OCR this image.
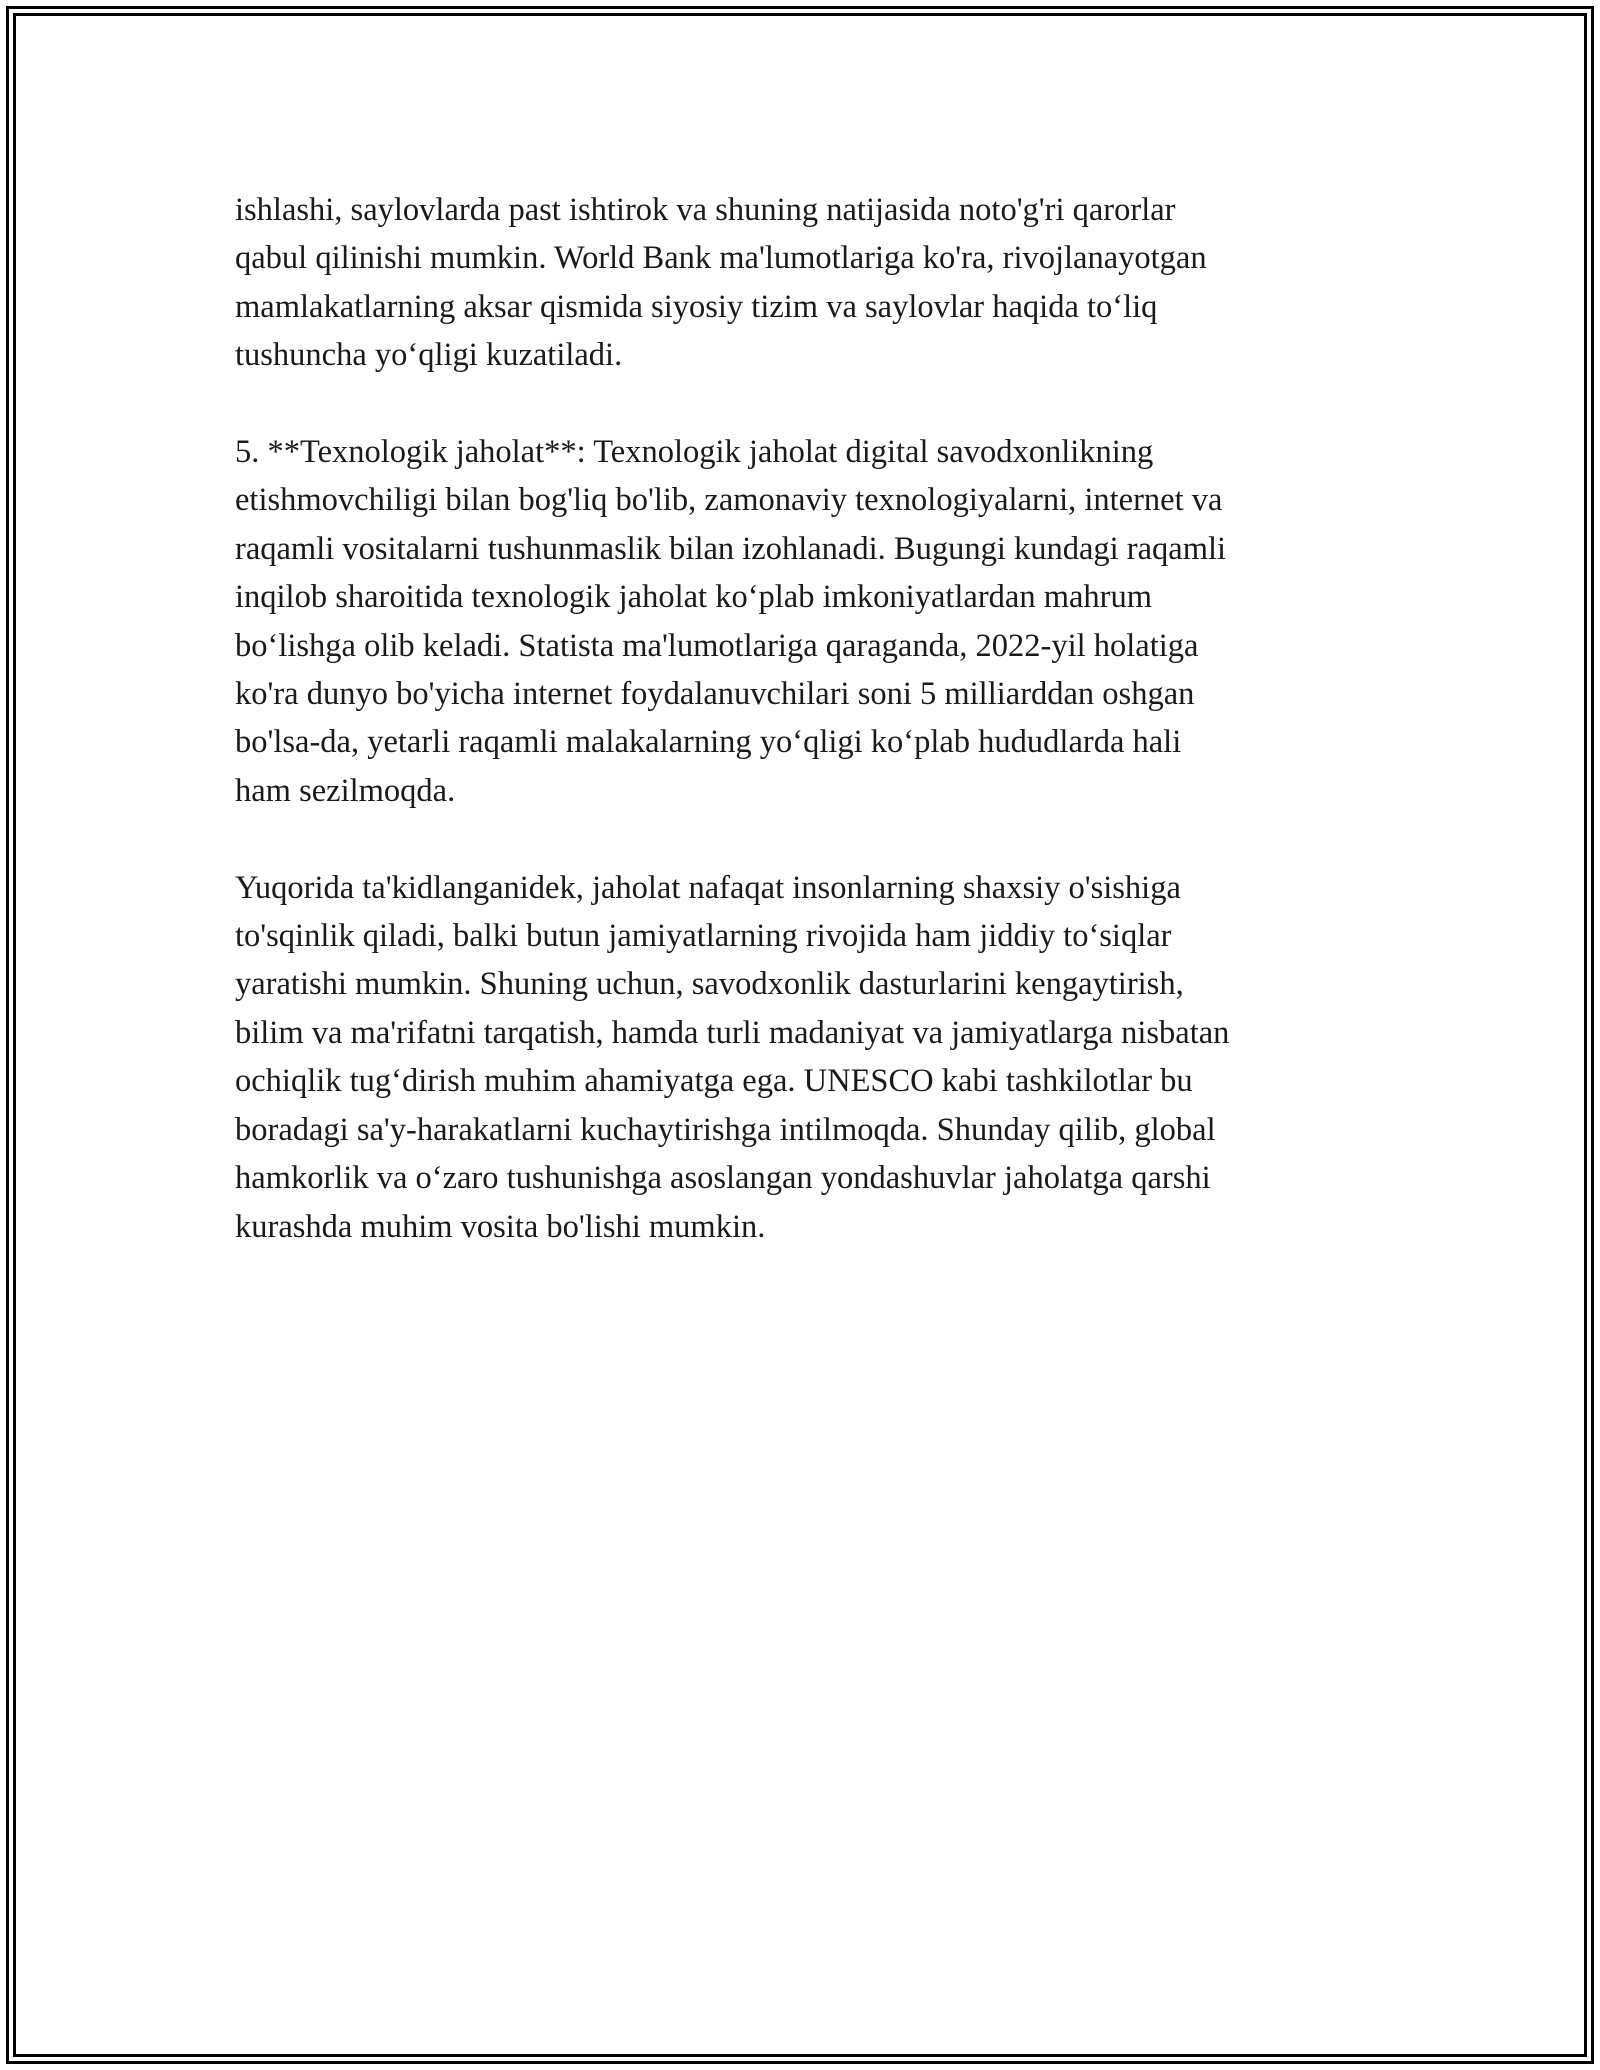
ishlashi, saylovlarda past ishtirok va shuning natijasida noto'g'ri qarorlar
qabul qilinishi mumkin. World Bank ma'lumotlariga ko'ra, rivojlanayotgan
mamlakatlarning aksar qismida siyosiy tizim va saylovlar haqida to‘liq
tushuncha yo‘qligi kuzatiladi.

5. **Texnologik jaholat**: Texnologik jaholat digital savodxonlikning
etishmovchiligi bilan bog'liq bo'lib, zamonaviy texnologiyalarni, internet va
raqamli vositalarni tushunmaslik bilan izohlanadi. Bugungi kundagi raqamli
inqilob sharoitida texnologik jaholat ko‘plab imkoniyatlardan mahrum
bo‘lishga olib keladi. Statista ma'lumotlariga qaraganda, 2022-yil holatiga
ko'ra dunyo bo'yicha internet foydalanuvchilari soni 5 milliarddan oshgan
bo'lsa-da, yetarli raqamli malakalarning yo‘qligi ko‘plab hududlarda hali
ham sezilmoqda.

Yuqorida ta'kidlanganidek, jaholat nafaqat insonlarning shaxsiy o'sishiga
to'sqinlik qiladi, balki butun jamiyatlarning rivojida ham jiddiy to‘siqlar
yaratishi mumkin. Shuning uchun, savodxonlik dasturlarini kengaytirish,
bilim va ma'rifatni tarqatish, hamda turli madaniyat va jamiyatlarga nisbatan
ochiqlik tug‘dirish muhim ahamiyatga ega. UNESCO kabi tashkilotlar bu
boradagi sa'y-harakatlarni kuchaytirishga intilmoqda. Shunday qilib, global
hamkorlik va o‘zaro tushunishga asoslangan yondashuvlar jaholatga qarshi
kurashda muhim vosita bo'lishi mumkin.
